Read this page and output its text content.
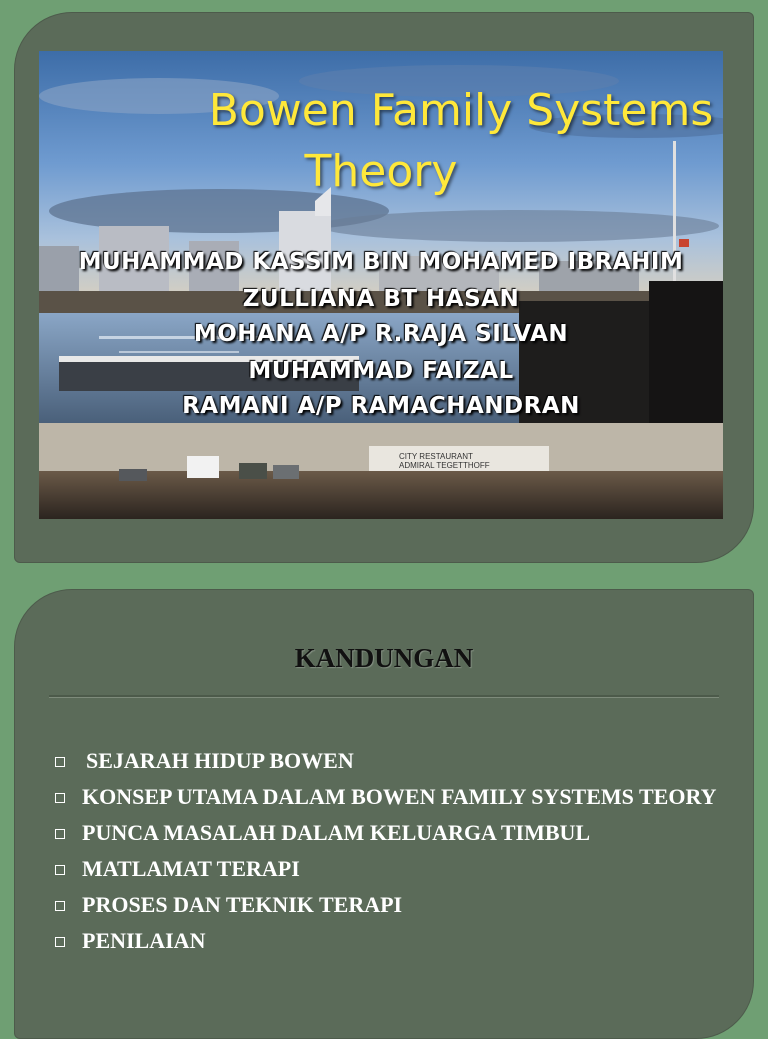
CITY RESTAURANT
ADMIRAL TEGETTHOFF
Bowen Family Systems
Theory
MUHAMMAD KASSIM BIN MOHAMED IBRAHIM
ZULLIANA BT HASAN
MOHANA A/P R.RAJA SILVAN
MUHAMMAD FAIZAL
RAMANI A/P RAMACHANDRAN
KANDUNGAN
SEJARAH HIDUP BOWEN
KONSEP UTAMA DALAM BOWEN FAMILY SYSTEMS TEORY
PUNCA MASALAH DALAM KELUARGA TIMBUL
MATLAMAT TERAPI
PROSES DAN TEKNIK TERAPI
PENILAIAN
